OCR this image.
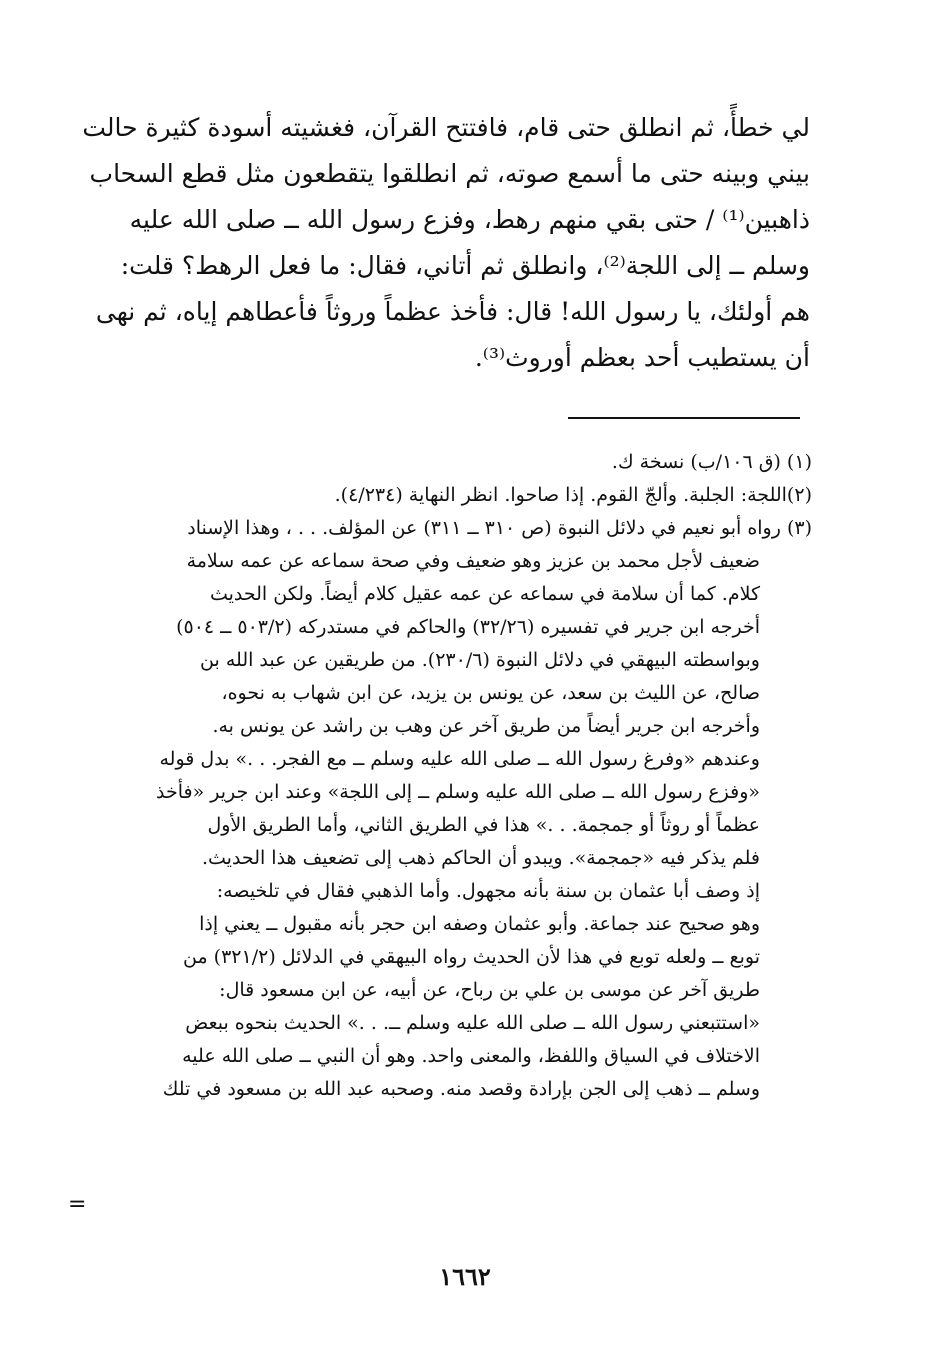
لي خطأً، ثم انطلق حتى قام، فافتتح القرآن، فغشيته أسودة كثيرة حالت
بيني وبينه حتى ما أسمع صوته، ثم انطلقوا يتقطعون مثل قطع السحاب
ذاهبين⁽¹⁾ / حتى بقي منهم رهط، وفزع رسول الله ــ صلى الله عليه
وسلم ــ إلى اللجة⁽²⁾، وانطلق ثم أتاني، فقال: ما فعل الرهط؟ قلت:
هم أولئك، يا رسول الله! قال: فأخذ عظماً وروثاً فأعطاهم إياه، ثم نهى
أن يستطيب أحد بعظم أوروث⁽³⁾.
(١) (ق ١٠٦/ب) نسخة ك.
(٢)اللجة: الجلبة. وألجّ القوم. إذا صاحوا. انظر النهاية (٤/٢٣٤).
(٣) رواه أبو نعيم في دلائل النبوة (ص ٣١٠ ــ ٣١١) عن المؤلف. . . ، وهذا الإسناد
ضعيف لأجل محمد بن عزيز وهو ضعيف وفي صحة سماعه عن عمه سلامة
كلام. كما أن سلامة في سماعه عن عمه عقيل كلام أيضاً. ولكن الحديث
أخرجه ابن جرير في تفسيره (٣٢/٢٦) والحاكم في مستدركه (٥٠٣/٢ ــ ٥٠٤)
وبواسطته البيهقي في دلائل النبوة (٢٣٠/٦). من طريقين عن عبد الله بن
صالح، عن الليث بن سعد، عن يونس بن يزيد، عن ابن شهاب به نحوه،
وأخرجه ابن جرير أيضاً من طريق آخر عن وهب بن راشد عن يونس به.
وعندهم «وفرغ رسول الله ــ صلى الله عليه وسلم ــ مع الفجر. . .» بدل قوله
«وفزع رسول الله ــ صلى الله عليه وسلم ــ إلى اللجة» وعند ابن جرير «فأخذ
عظماً أو روثاً أو جمجمة. . .» هذا في الطريق الثاني، وأما الطريق الأول
فلم يذكر فيه «جمجمة». ويبدو أن الحاكم ذهب إلى تضعيف هذا الحديث.
إذ وصف أبا عثمان بن سنة بأنه مجهول. وأما الذهبي فقال في تلخيصه:
وهو صحيح عند جماعة. وأبو عثمان وصفه ابن حجر بأنه مقبول ــ يعني إذا
توبع ــ ولعله توبع في هذا لأن الحديث رواه البيهقي في الدلائل (٣٢١/٢) من
طريق آخر عن موسى بن علي بن رباح، عن أبيه، عن ابن مسعود قال:
«استتبعني رسول الله ــ صلى الله عليه وسلم ــ. . .» الحديث بنحوه ببعض
الاختلاف في السياق واللفظ، والمعنى واحد. وهو أن النبي ــ صلى الله عليه
وسلم ــ ذهب إلى الجن بإرادة وقصد منه. وصحبه عبد الله بن مسعود في تلك
=
١٦٦٢
